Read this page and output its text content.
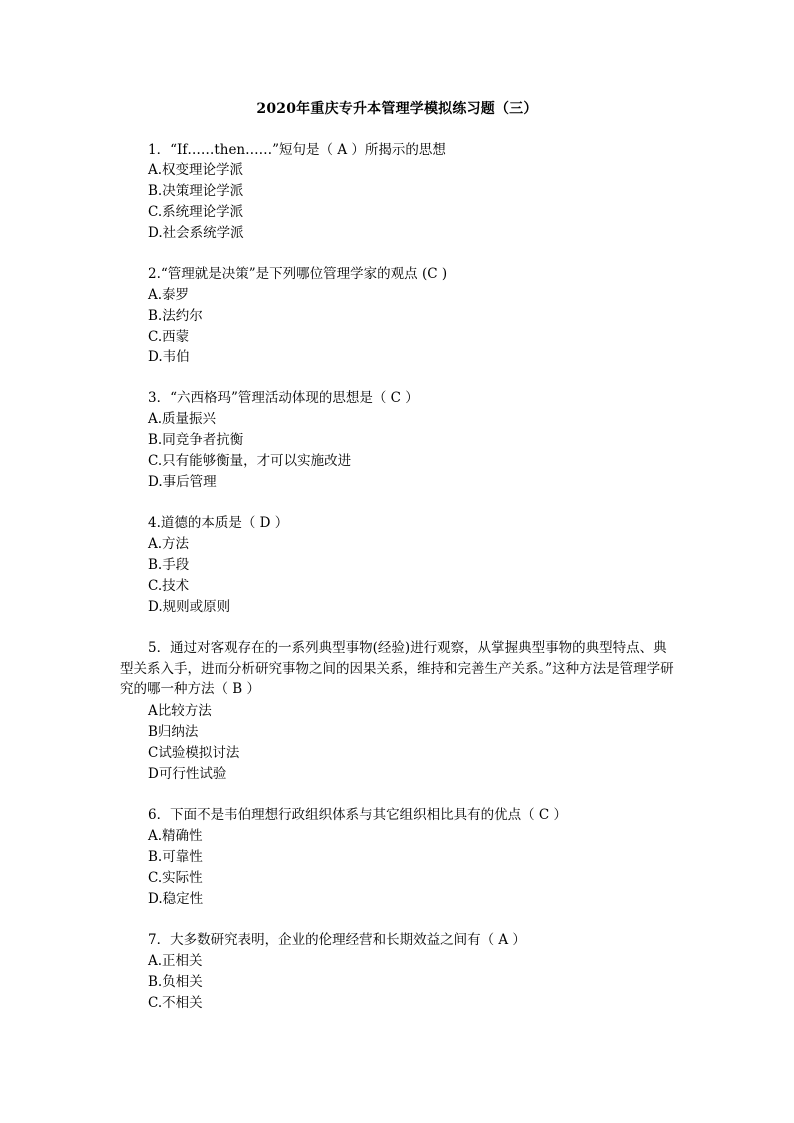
2020年重庆专升本管理学模拟练习题（三）
1．“If……then……”短句是（ A ）所揭示的思想
A.权变理论学派
B.决策理论学派
C.系统理论学派
D.社会系统学派
2.“管理就是决策”是下列哪位管理学家的观点 (C )
A.泰罗
B.法约尔
C.西蒙
D.韦伯
3．“六西格玛”管理活动体现的思想是（ C ）
A.质量振兴
B.同竞争者抗衡
C.只有能够衡量，才可以实施改进
D.事后管理
4.道德的本质是（ D ）
A.方法
B.手段
C.技术
D.规则或原则
5．通过对客观存在的一系列典型事物(经验)进行观察，从掌握典型事物的典型特点、典型关系入手，进而分析研究事物之间的因果关系，维持和完善生产关系。”这种方法是管理学研究的哪一种方法（ B ）
A比较方法
B归纳法
C试验模拟讨法
D可行性试验
6．下面不是韦伯理想行政组织体系与其它组织相比具有的优点（ C ）
A.精确性
B.可靠性
C.实际性
D.稳定性
7．大多数研究表明，企业的伦理经营和长期效益之间有（ A ）
A.正相关
B.负相关
C.不相关
